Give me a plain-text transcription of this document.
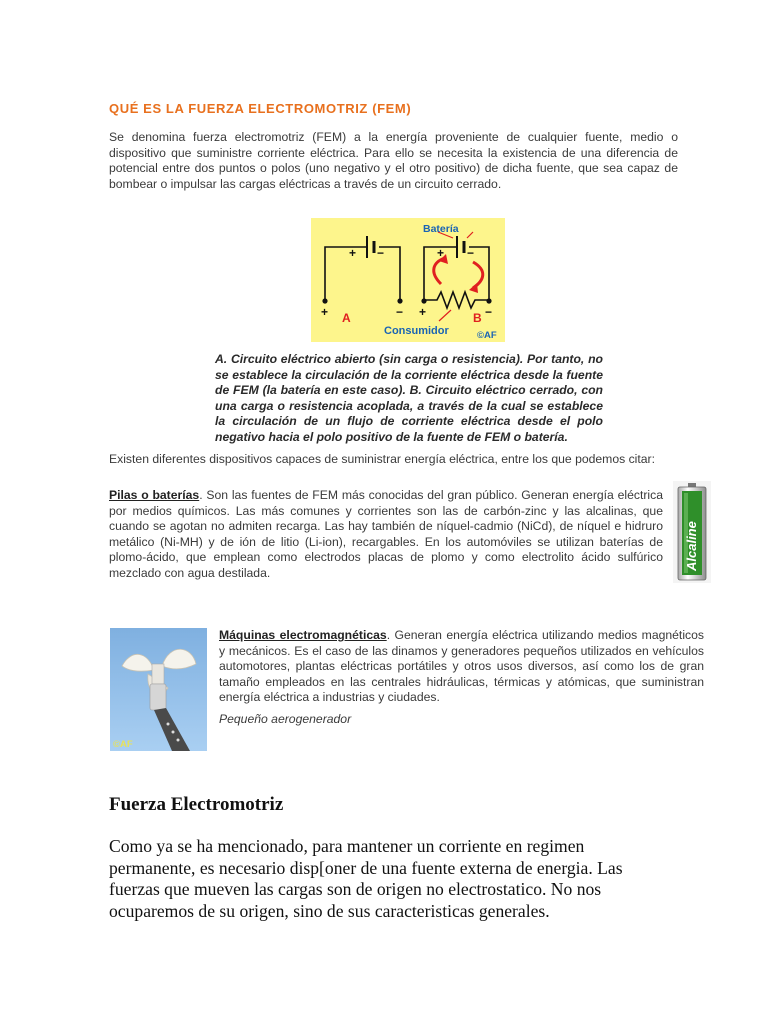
QUÉ ES LA FUERZA ELECTROMOTRIZ (FEM)
Se denomina fuerza electromotriz (FEM) a la energía proveniente de cualquier fuente, medio o dispositivo que suministre corriente eléctrica. Para ello se necesita la existencia de una diferencia de potencial entre dos puntos o polos (uno negativo y el otro positivo) de dicha fuente, que sea capaz de bombear o impulsar las cargas eléctricas a través de un circuito cerrado.
Batería
Consumidor
A	B
+ −	+ −
+	− +	−
©AF
A. Circuito eléctrico abierto (sin carga o resistencia). Por tanto, no se establece la circulación de la corriente eléctrica desde la fuente de FEM (la batería en este caso). B. Circuito eléctrico cerrado, con una carga o resistencia acoplada, a través de la cual se establece la circulación de un flujo de corriente eléctrica desde el polo negativo hacia el polo positivo de la fuente de FEM o batería.
Existen diferentes dispositivos capaces de suministrar energía eléctrica, entre los que podemos citar:
Pilas o baterías. Son las fuentes de FEM más conocidas del gran público. Generan energía eléctrica por medios químicos. Las más comunes y corrientes son las de carbón-zinc y las alcalinas, que cuando se agotan no admiten recarga. Las hay también de níquel-cadmio (NiCd), de níquel e hidruro metálico (Ni-MH) y de ión de litio (Li-ion), recargables. En los automóviles se utilizan baterías de plomo-ácido, que emplean como electrodos placas de plomo y como electrolito ácido sulfúrico mezclado con agua destilada.
Alcaline
©AF
Máquinas electromagnéticas. Generan energía eléctrica utilizando medios magnéticos y mecánicos. Es el caso de las dinamos y generadores pequeños utilizados en vehículos automotores, plantas eléctricas portátiles y otros usos diversos, así como los de gran tamaño empleados en las centrales hidráulicas, térmicas y atómicas, que suministran energía eléctrica a industrias y ciudades.
Pequeño aerogenerador
Fuerza Electromotriz
Como ya se ha mencionado, para mantener un corriente en regimen permanente, es necesario disp[oner de una fuente externa de energia. Las fuerzas que mueven las cargas son de origen no electrostatico. No nos ocuparemos de su origen, sino de sus caracteristicas generales.
